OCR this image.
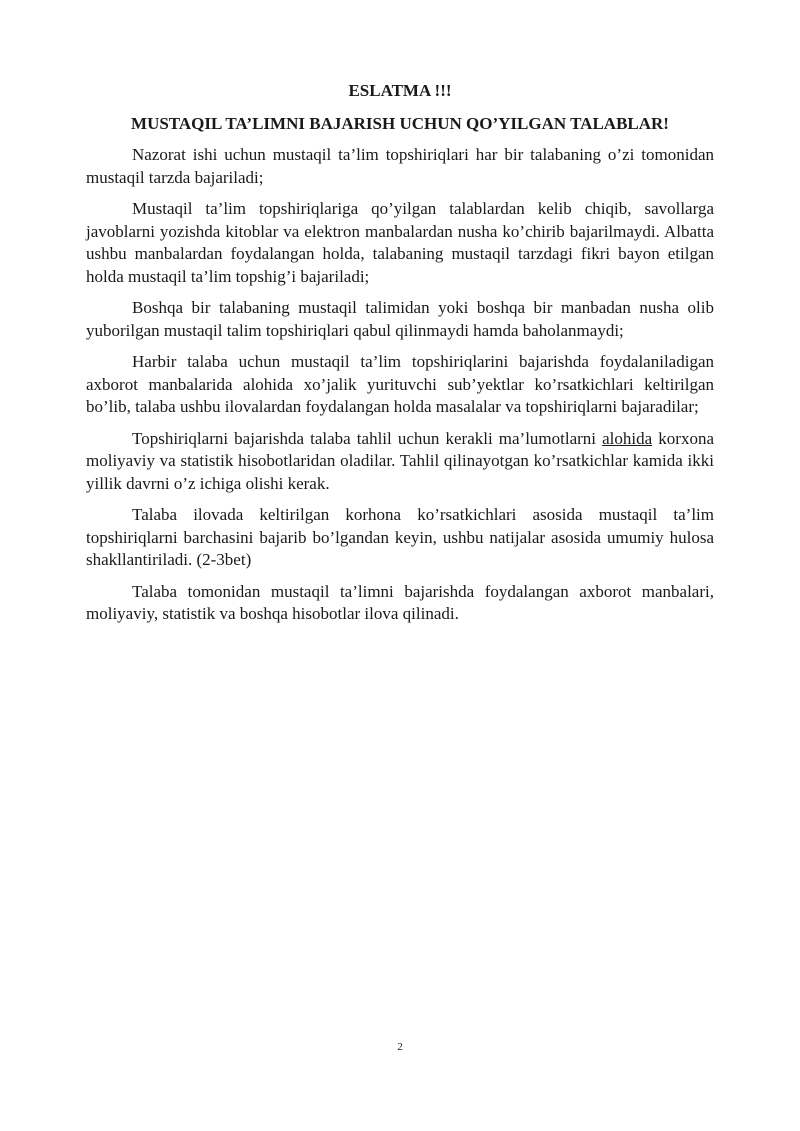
ESLATMA !!!
MUSTAQIL TA’LIMNI BAJARISH UCHUN QO’YILGAN TALABLAR!

Nazorat ishi uchun mustaqil ta’lim topshiriqlari har bir talabaning o’zi tomonidan mustaqil tarzda bajariladi;

Mustaqil ta’lim topshiriqlariga qo’yilgan talablardan kelib chiqib, savollarga javoblarni yozishda kitoblar va elektron manbalardan nusha ko’chirib bajarilmaydi. Albatta ushbu manbalardan foydalangan holda, talabaning mustaqil tarzdagi fikri bayon etilgan holda mustaqil ta’lim topshig’i bajariladi;

Boshqa bir talabaning mustaqil talimidan yoki boshqa bir manbadan nusha olib yuborilgan mustaqil talim topshiriqlari qabul qilinmaydi hamda baholanmaydi;

Harbir talaba uchun mustaqil ta’lim topshiriqlarini bajarishda foydalaniladigan axborot manbalarida alohida xo’jalik yurituvchi sub’yektlar ko’rsatkichlari keltirilgan bo’lib, talaba ushbu ilovalardan foydalangan holda masalalar va topshiriqlarni bajaradilar;

Topshiriqlarni bajarishda talaba tahlil uchun kerakli ma’lumotlarni alohida korxona moliyaviy va statistik hisobotlaridan oladilar. Tahlil qilinayotgan ko’rsatkichlar kamida ikki yillik davrni o’z ichiga olishi kerak.

Talaba ilovada keltirilgan korhona ko’rsatkichlari asosida mustaqil ta’lim topshiriqlarni barchasini bajarib bo’lgandan keyin, ushbu natijalar asosida umumiy hulosa shakllantiriladi. (2-3bet)

Talaba tomonidan mustaqil ta’limni bajarishda foydalangan axborot manbalari, moliyaviy, statistik va boshqa hisobotlar ilova qilinadi.

2
